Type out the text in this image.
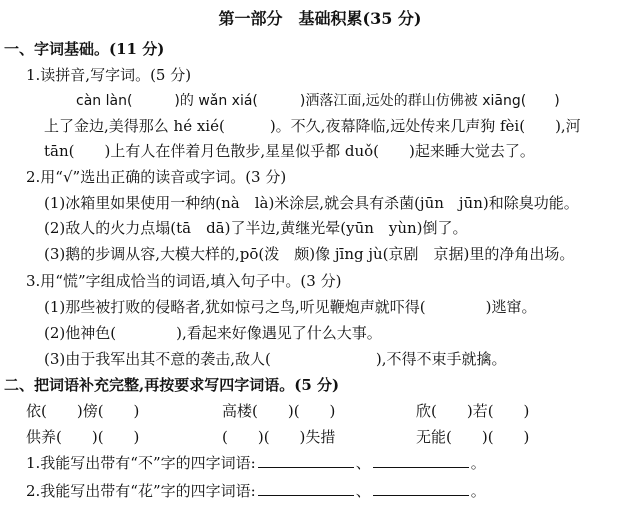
第一部分　基础积累(35 分)
一、字词基础。(11 分)
1.读拼音,写字词。(5 分)
càn làn(　　　)的 wǎn xiá(　　　)洒落江面,远处的群山仿佛被 xiāng(　　)
上了金边,美得那么 hé xié(　　　)。不久,夜幕降临,远处传来几声狗 fèi(　　),河
tān(　　)上有人在伴着月色散步,星星似乎都 duǒ(　　)起来睡大觉去了。
2.用“√”选出正确的读音或字词。(3 分)
(1)冰箱里如果使用一种纳(nà　là)米涂层,就会具有杀菌(jūn　jūn)和除臭功能。
(2)敌人的火力点塌(tā　dā)了半边,黄继光晕(yūn　yùn)倒了。
(3)鹅的步调从容,大模大样的,pō(泼　颇)像 jīng jù(京剧　京据)里的净角出场。
3.用“慌”字组成恰当的词语,填入句子中。(3 分)
(1)那些被打败的侵略者,犹如惊弓之鸟,听见鞭炮声就吓得(　　　　)逃窜。
(2)他神色(　　　　),看起来好像遇见了什么大事。
(3)由于我军出其不意的袭击,敌人(　　　　　　　),不得不束手就擒。
二、把词语补充完整,再按要求写四字词语。(5 分)
依(　　)傍(　　)	高楼(　　)(　　)	欣(　　)若(　　)
供养(　　)(　　)	(　　)(　　)失措	无能(　　)(　　)
1.我能写出带有“不”字的四字词语:	、	。
2.我能写出带有“花”字的四字词语:	、	。
